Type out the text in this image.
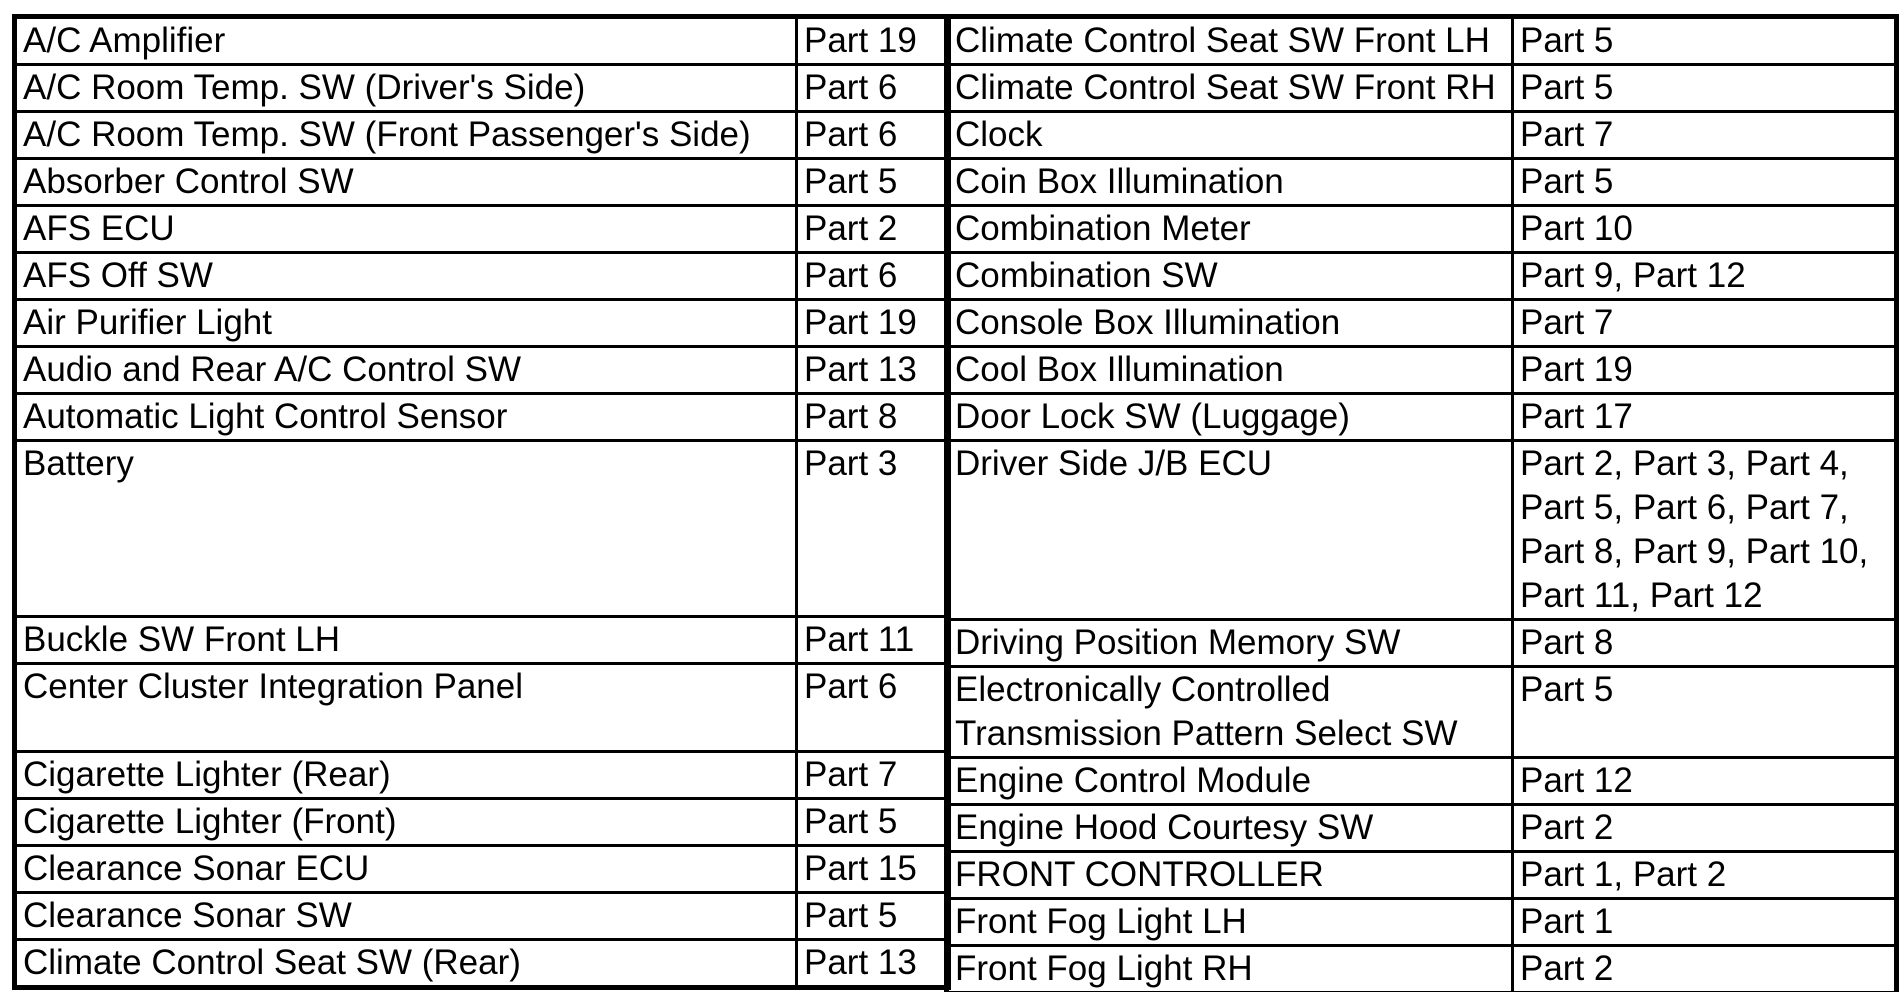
A/C Amplifier	Part 19
A/C Room Temp. SW (Driver's Side)	Part 6
A/C Room Temp. SW (Front Passenger's Side)	Part 6
Absorber Control SW	Part 5
AFS ECU	Part 2
AFS Off SW	Part 6
Air Purifier Light	Part 19
Audio and Rear A/C Control SW	Part 13
Automatic Light Control Sensor	Part 8
Battery	Part 3
Buckle SW Front LH	Part 11
Center Cluster Integration Panel	Part 6
Cigarette Lighter (Rear)	Part 7
Cigarette Lighter (Front)	Part 5
Clearance Sonar ECU	Part 15
Clearance Sonar SW	Part 5
Climate Control Seat SW (Rear)	Part 13
Climate Control Seat SW Front LH	Part 5
Climate Control Seat SW Front RH	Part 5
Clock	Part 7
Coin Box Illumination	Part 5
Combination Meter	Part 10
Combination SW	Part 9, Part 12
Console Box Illumination	Part 7
Cool Box Illumination	Part 19
Door Lock SW (Luggage)	Part 17
Driver Side J/B ECU	Part 2, Part 3, Part 4,
Part 5, Part 6, Part 7,
Part 8, Part 9, Part 10,
Part 11, Part 12

Driving Position Memory SW	Part 8

Electronically Controlled
Transmission Pattern Select SW	Part 5
Engine Control Module	Part 12
Engine Hood Courtesy SW	Part 2
FRONT CONTROLLER	Part 1, Part 2
Front Fog Light LH	Part 1
Front Fog Light RH	Part 2
